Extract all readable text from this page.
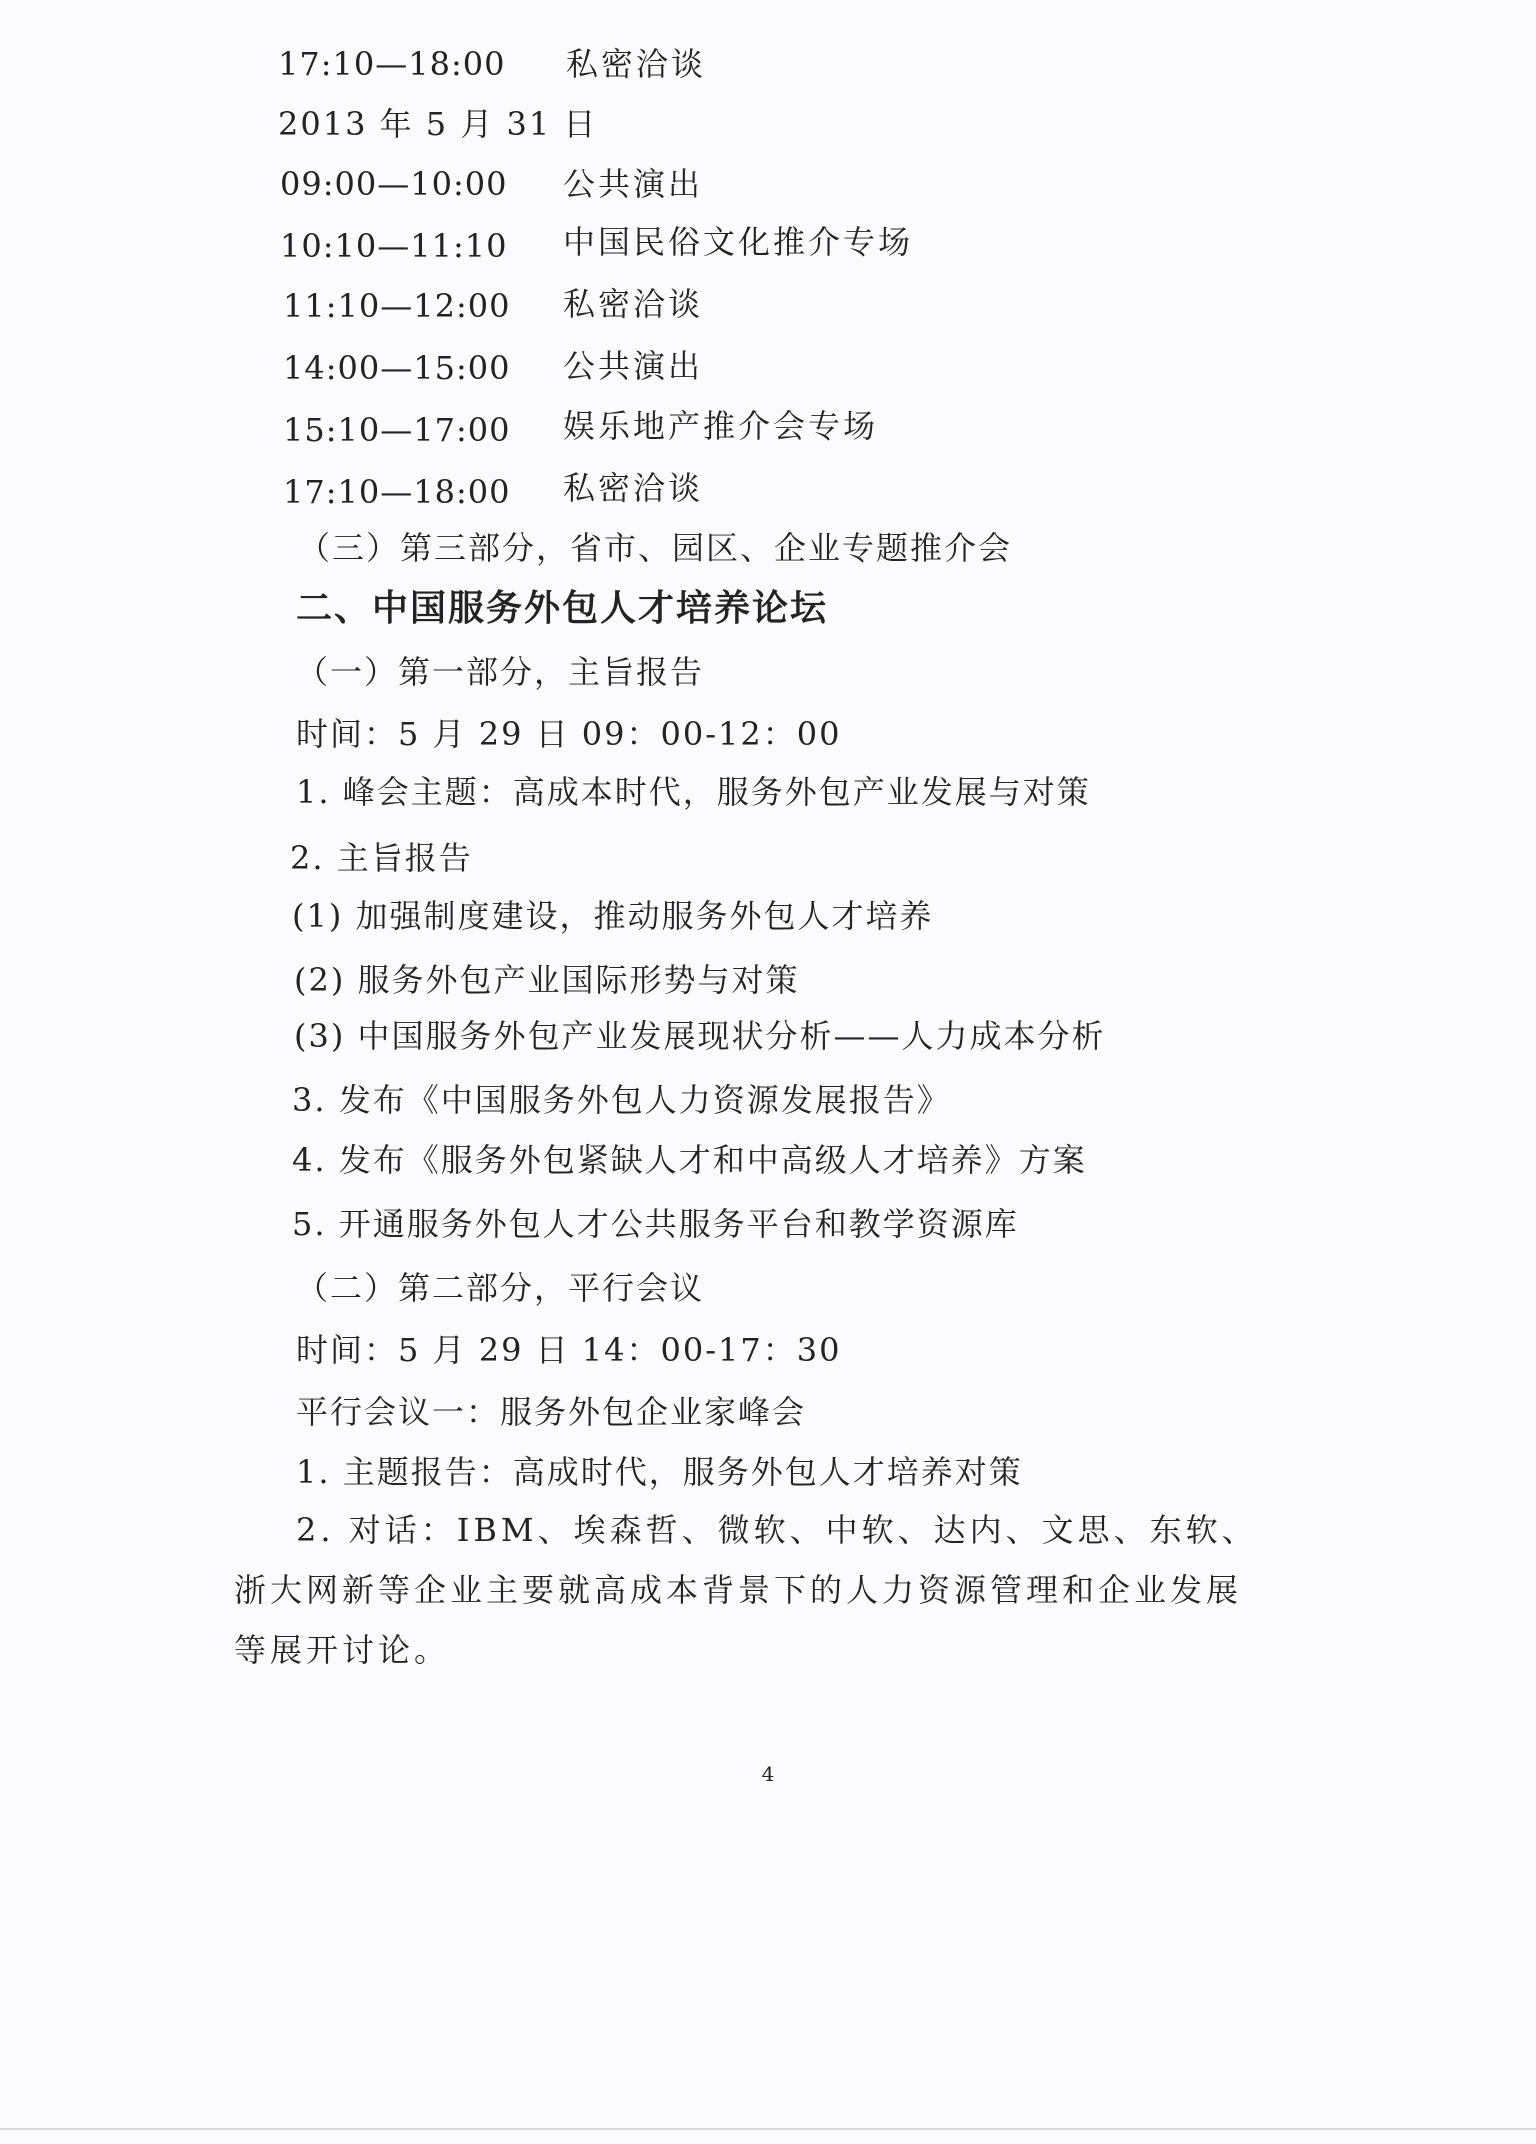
17:10—18:00 私密洽谈
2013 年 5 月 31 日
09:00—10:00 公共演出
10:10—11:10 中国民俗文化推介专场
11:10—12:00 私密洽谈
14:00—15:00 公共演出
15:10—17:00 娱乐地产推介会专场
17:10—18:00 私密洽谈
（三）第三部分，省市、园区、企业专题推介会
二、中国服务外包人才培养论坛
（一）第一部分，主旨报告
时间：5 月 29 日 09：00-12：00
1. 峰会主题：高成本时代，服务外包产业发展与对策
2. 主旨报告
(1) 加强制度建设，推动服务外包人才培养
(2) 服务外包产业国际形势与对策
(3) 中国服务外包产业发展现状分析——人力成本分析
3. 发布《中国服务外包人力资源发展报告》
4. 发布《服务外包紧缺人才和中高级人才培养》方案
5. 开通服务外包人才公共服务平台和教学资源库
（二）第二部分，平行会议
时间：5 月 29 日 14：00-17：30
平行会议一：服务外包企业家峰会
1. 主题报告：高成时代，服务外包人才培养对策
2. 对话：IBM、埃森哲、微软、中软、达内、文思、东软、浙大网新等企业主要就高成本背景下的人力资源管理和企业发展等展开讨论。
4
